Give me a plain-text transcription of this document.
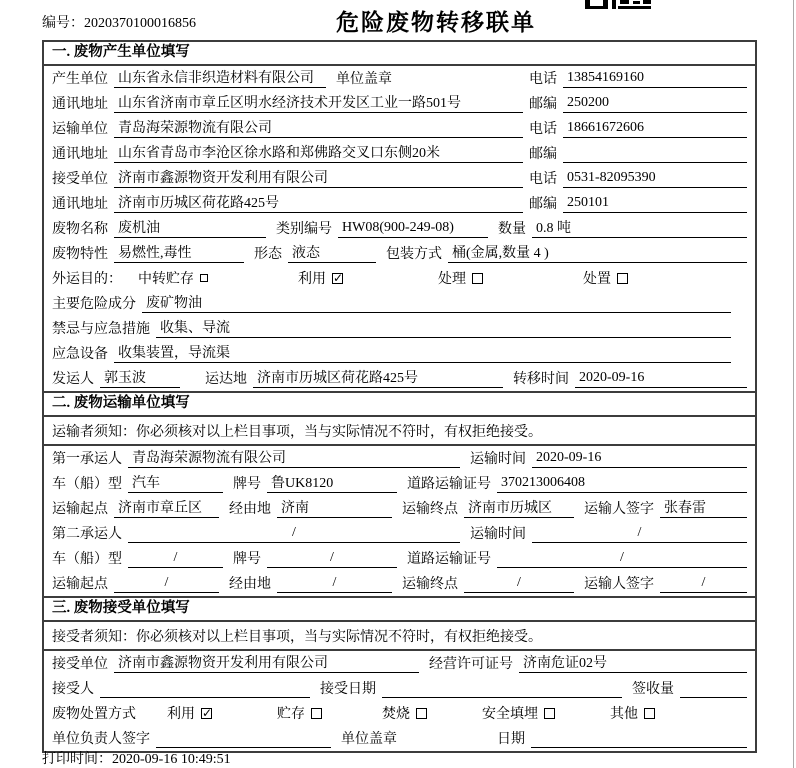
编号：2020370100016856	危险废物转移联单
一. 废物产生单位填写
产生单位 山东省永信非织造材料有限公司	单位盖章	电话 13854169160
通讯地址 山东省济南市章丘区明水经济技术开发区工业一路501号	邮编 250200
运输单位 青岛海荣源物流有限公司	电话 18661672606
通讯地址 山东省青岛市李沧区徐水路和郑佛路交叉口东侧20米	邮编
接受单位 济南市鑫源物资开发利用有限公司	电话 0531-82095390
通讯地址 济南市历城区荷花路425号	邮编 250101
废物名称 废机油	类别编号 HW08(900-249-08)	数量 0.8 吨
废物特性 易燃性,毒性	形态 液态	包装方式 桶(金属,数量 4 )
外运目的： 中转贮存	利用 ✓	处理	处置
主要危险成分 废矿物油
禁忌与应急措施 收集、导流
应急设备 收集装置，导流渠
发运人 郭玉波	运达地 济南市历城区荷花路425号	转移时间 2020-09-16
二. 废物运输单位填写
运输者须知：你必须核对以上栏目事项，当与实际情况不符时，有权拒绝接受。
第一承运人 青岛海荣源物流有限公司	运输时间 2020-09-16
车（船）型 汽车	牌号 鲁UK8120	道路运输证号 370213006408
运输起点 济南市章丘区	经由地 济南	运输终点 济南市历城区	运输人签字 张春雷
第二承运人	/	运输时间	/
车（船）型	/	牌号	/	道路运输证号	/
运输起点	/	经由地	/	运输终点	/	运输人签字	/
三. 废物接受单位填写
接受者须知：你必须核对以上栏目事项，当与实际情况不符时，有权拒绝接受。
接受单位 济南市鑫源物资开发利用有限公司	经营许可证号 济南危证02号
接受人	接受日期	签收量
废物处置方式 利用 ✓	贮存	焚烧	安全填埋	其他
单位负责人签字	单位盖章	日期
打印时间：2020-09-16 10:49:51
